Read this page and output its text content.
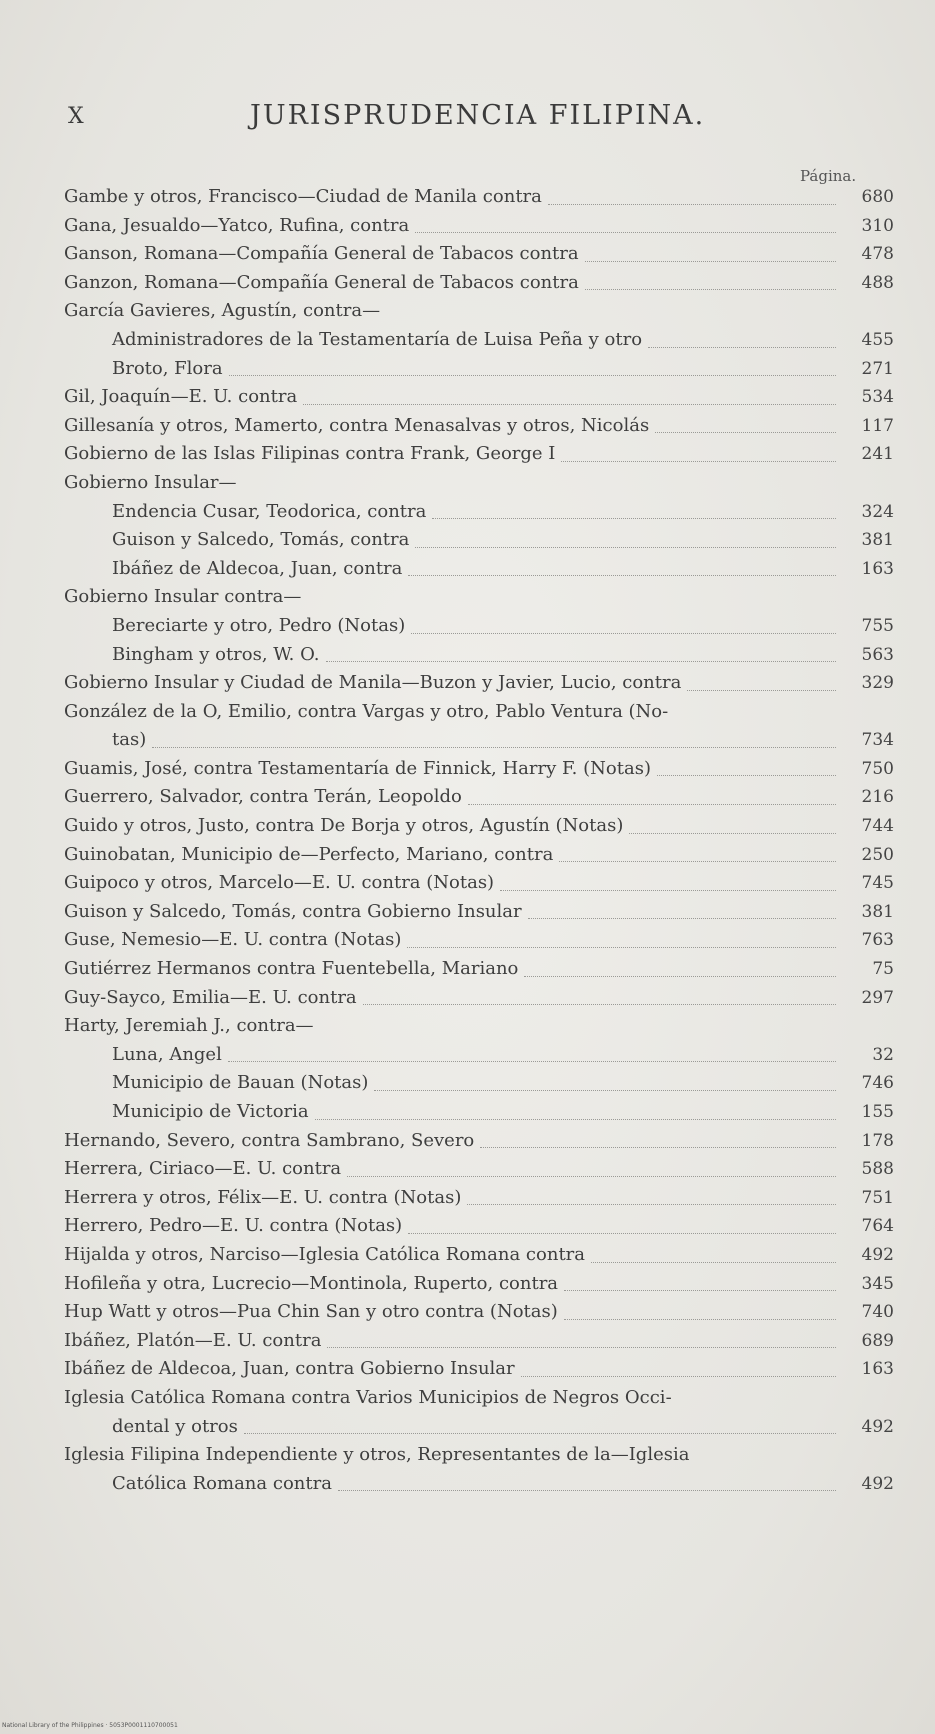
X	JURISPRUDENCIA FILIPINA.
Página.
Gambe y otros, Francisco—Ciudad de Manila contra	680
Gana, Jesualdo—Yatco, Rufina, contra	310
Ganson, Romana—Compañía General de Tabacos contra	478
Ganzon, Romana—Compañía General de Tabacos contra	488
García Gavieres, Agustín, contra—
Administradores de la Testamentaría de Luisa Peña y otro	455
Broto, Flora	271
Gil, Joaquín—E. U. contra	534
Gillesanía y otros, Mamerto, contra Menasalvas y otros, Nicolás	117
Gobierno de las Islas Filipinas contra Frank, George I	241
Gobierno Insular—
Endencia Cusar, Teodorica, contra	324
Guison y Salcedo, Tomás, contra	381
Ibáñez de Aldecoa, Juan, contra	163
Gobierno Insular contra—
Bereciarte y otro, Pedro (Notas)	755
Bingham y otros, W. O.	563
Gobierno Insular y Ciudad de Manila—Buzon y Javier, Lucio, contra	329
González de la O, Emilio, contra Vargas y otro, Pablo Ventura (No-
tas)	734
Guamis, José, contra Testamentaría de Finnick, Harry F. (Notas)	750
Guerrero, Salvador, contra Terán, Leopoldo	216
Guido y otros, Justo, contra De Borja y otros, Agustín (Notas)	744
Guinobatan, Municipio de—Perfecto, Mariano, contra	250
Guipoco y otros, Marcelo—E. U. contra (Notas)	745
Guison y Salcedo, Tomás, contra Gobierno Insular	381
Guse, Nemesio—E. U. contra (Notas)	763
Gutiérrez Hermanos contra Fuentebella, Mariano	75
Guy-Sayco, Emilia—E. U. contra	297
Harty, Jeremiah J., contra—
Luna, Angel	32
Municipio de Bauan (Notas)	746
Municipio de Victoria	155
Hernando, Severo, contra Sambrano, Severo	178
Herrera, Ciriaco—E. U. contra	588
Herrera y otros, Félix—E. U. contra (Notas)	751
Herrero, Pedro—E. U. contra (Notas)	764
Hijalda y otros, Narciso—Iglesia Católica Romana contra	492
Hofileña y otra, Lucrecio—Montinola, Ruperto, contra	345
Hup Watt y otros—Pua Chin San y otro contra (Notas)	740
Ibáñez, Platón—E. U. contra	689
Ibáñez de Aldecoa, Juan, contra Gobierno Insular	163
Iglesia Católica Romana contra Varios Municipios de Negros Occi-
dental y otros	492
Iglesia Filipina Independiente y otros, Representantes de la—Iglesia
Católica Romana contra	492
National Library of the Philippines · 5053P0001110700051
